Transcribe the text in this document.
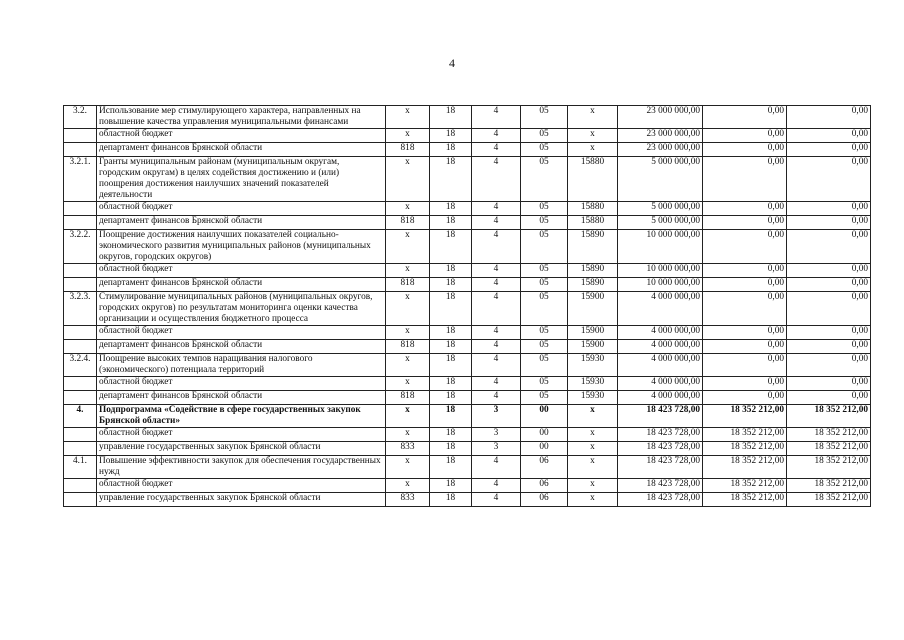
4
3.2.	Использование мер стимулирующего характера, направленных на повышение качества управления муниципальными финансами	x	18	4	05	x	23 000 000,00	0,00	0,00
	областной бюджет	x	18	4	05	x	23 000 000,00	0,00	0,00
	департамент финансов Брянской области	818	18	4	05	x	23 000 000,00	0,00	0,00
3.2.1.	Гранты муниципальным районам (муниципальным округам, городским округам) в целях содействия достижению и (или) поощрения достижения наилучших значений показателей деятельности	x	18	4	05	15880	5 000 000,00	0,00	0,00
	областной бюджет	x	18	4	05	15880	5 000 000,00	0,00	0,00
	департамент финансов Брянской области	818	18	4	05	15880	5 000 000,00	0,00	0,00
3.2.2.	Поощрение достижения наилучших показателей социально-экономического развития муниципальных районов (муниципальных округов, городских округов)	x	18	4	05	15890	10 000 000,00	0,00	0,00
	областной бюджет	x	18	4	05	15890	10 000 000,00	0,00	0,00
	департамент финансов Брянской области	818	18	4	05	15890	10 000 000,00	0,00	0,00
3.2.3.	Стимулирование муниципальных районов (муниципальных округов, городских округов) по результатам мониторинга оценки качества организации и осуществления бюджетного процесса	x	18	4	05	15900	4 000 000,00	0,00	0,00
	областной бюджет	x	18	4	05	15900	4 000 000,00	0,00	0,00
	департамент финансов Брянской области	818	18	4	05	15900	4 000 000,00	0,00	0,00
3.2.4.	Поощрение высоких темпов наращивания налогового (экономического) потенциала территорий	x	18	4	05	15930	4 000 000,00	0,00	0,00
	областной бюджет	x	18	4	05	15930	4 000 000,00	0,00	0,00
	департамент финансов Брянской области	818	18	4	05	15930	4 000 000,00	0,00	0,00
4.	Подпрограмма «Содействие в сфере государственных закупок Брянской области»	x	18	3	00	x	18 423 728,00	18 352 212,00	18 352 212,00
	областной бюджет	x	18	3	00	x	18 423 728,00	18 352 212,00	18 352 212,00
	управление государственных закупок Брянской области	833	18	3	00	x	18 423 728,00	18 352 212,00	18 352 212,00
4.1.	Повышение эффективности закупок для обеспечения государственных нужд	x	18	4	06	x	18 423 728,00	18 352 212,00	18 352 212,00
	областной бюджет	x	18	4	06	x	18 423 728,00	18 352 212,00	18 352 212,00
	управление государственных закупок Брянской области	833	18	4	06	x	18 423 728,00	18 352 212,00	18 352 212,00
